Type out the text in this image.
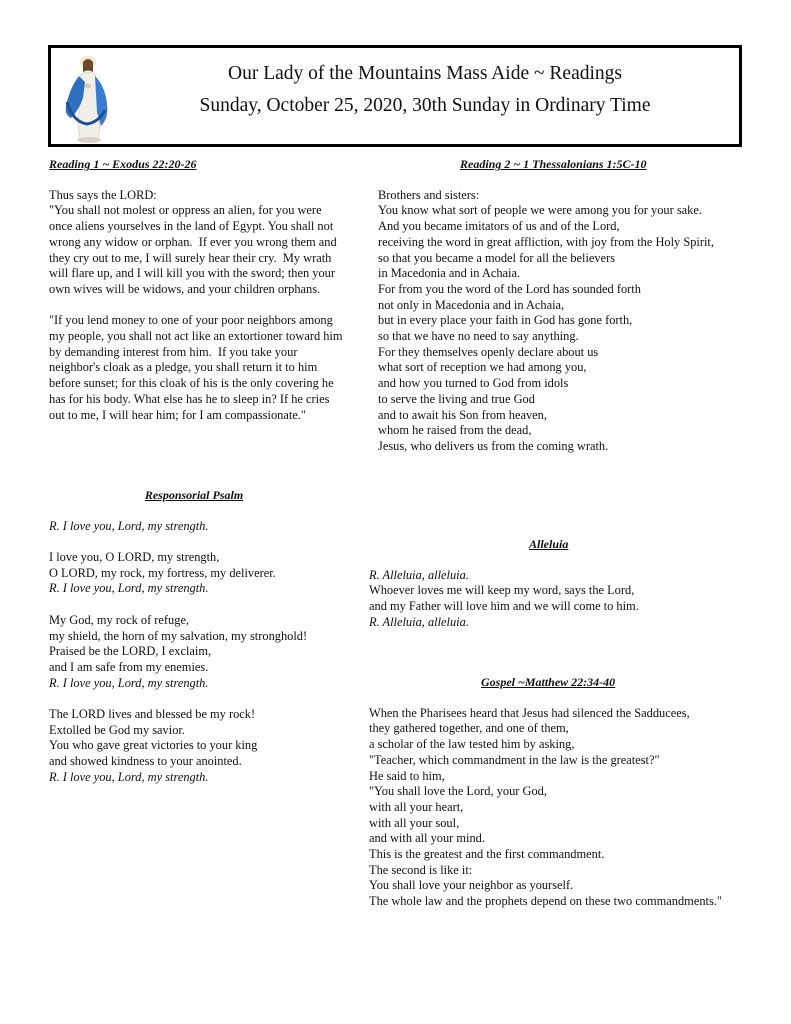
Our Lady of the Mountains Mass Aide ~ Readings
Sunday, October 25, 2020, 30th Sunday in Ordinary Time
Reading 1 ~ Exodus 22:20-26
Thus says the LORD:
"You shall not molest or oppress an alien, for you were
once aliens yourselves in the land of Egypt. You shall not
wrong any widow or orphan.  If ever you wrong them and
they cry out to me, I will surely hear their cry.  My wrath
will flare up, and I will kill you with the sword; then your
own wives will be widows, and your children orphans.
"If you lend money to one of your poor neighbors among
my people, you shall not act like an extortioner toward him
by demanding interest from him.  If you take your
neighbor's cloak as a pledge, you shall return it to him
before sunset; for this cloak of his is the only covering he
has for his body. What else has he to sleep in? If he cries
out to me, I will hear him; for I am compassionate."
Responsorial Psalm
R. I love you, Lord, my strength.
I love you, O LORD, my strength,
O LORD, my rock, my fortress, my deliverer.
R. I love you, Lord, my strength.
My God, my rock of refuge,
my shield, the horn of my salvation, my stronghold!
Praised be the LORD, I exclaim,
and I am safe from my enemies.
R. I love you, Lord, my strength.
The LORD lives and blessed be my rock!
Extolled be God my savior.
You who gave great victories to your king
and showed kindness to your anointed.
R. I love you, Lord, my strength.
Reading 2 ~ 1 Thessalonians 1:5C-10
Brothers and sisters:
You know what sort of people we were among you for your sake.
And you became imitators of us and of the Lord,
receiving the word in great affliction, with joy from the Holy Spirit,
so that you became a model for all the believers
in Macedonia and in Achaia.
For from you the word of the Lord has sounded forth
not only in Macedonia and in Achaia,
but in every place your faith in God has gone forth,
so that we have no need to say anything.
For they themselves openly declare about us
what sort of reception we had among you,
and how you turned to God from idols
to serve the living and true God
and to await his Son from heaven,
whom he raised from the dead,
Jesus, who delivers us from the coming wrath.
Alleluia
R. Alleluia, alleluia.
Whoever loves me will keep my word, says the Lord,
and my Father will love him and we will come to him.
R. Alleluia, alleluia.
Gospel ~Matthew 22:34-40
When the Pharisees heard that Jesus had silenced the Sadducees,
they gathered together, and one of them,
a scholar of the law tested him by asking,
"Teacher, which commandment in the law is the greatest?"
He said to him,
"You shall love the Lord, your God,
with all your heart,
with all your soul,
and with all your mind.
This is the greatest and the first commandment.
The second is like it:
You shall love your neighbor as yourself.
The whole law and the prophets depend on these two commandments."
